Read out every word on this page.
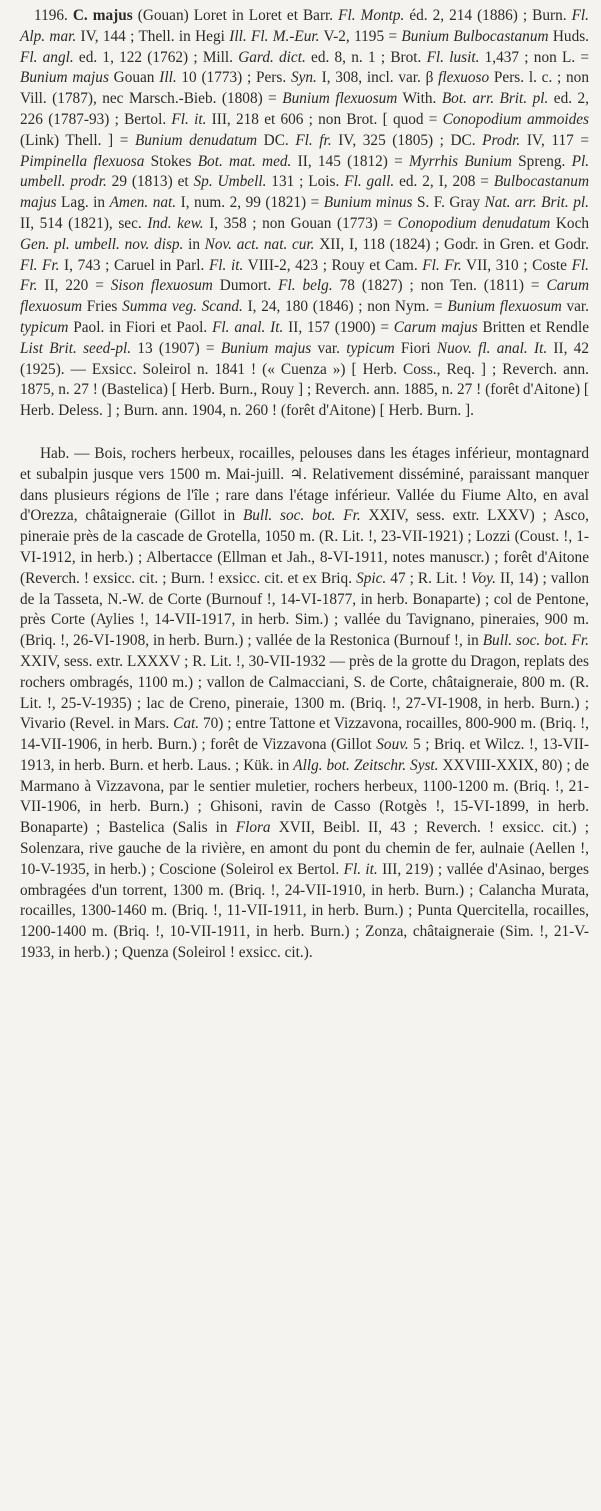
1196. C. majus (Gouan) Loret in Loret et Barr. Fl. Montp. éd. 2, 214 (1886) ; Burn. Fl. Alp. mar. IV, 144 ; Thell. in Hegi Ill. Fl. M.-Eur. V-2, 1195 = Bunium Bulbocastanum Huds. Fl. angl. ed. 1, 122 (1762) ; Mill. Gard. dict. ed. 8, n. 1 ; Brot. Fl. lusit. 1,437 ; non L. = Bunium majus Gouan Ill. 10 (1773) ; Pers. Syn. I, 308, incl. var. β flexuoso Pers. l. c. ; non Vill. (1787), nec Marsch.-Bieb. (1808) = Bunium flexuosum With. Bot. arr. Brit. pl. ed. 2, 226 (1787-93) ; Bertol. Fl. it. III, 218 et 606 ; non Brot. [ quod = Conopodium ammoides (Link) Thell. ] = Bunium denudatum DC. Fl. fr. IV, 325 (1805) ; DC. Prodr. IV, 117 = Pimpinella flexuosa Stokes Bot. mat. med. II, 145 (1812) = Myrrhis Bunium Spreng. Pl. umbell. prodr. 29 (1813) et Sp. Umbell. 131 ; Lois. Fl. gall. ed. 2, I, 208 = Bulbocastanum majus Lag. in Amen. nat. I, num. 2, 99 (1821) = Bunium minus S. F. Gray Nat. arr. Brit. pl. II, 514 (1821), sec. Ind. kew. I, 358 ; non Gouan (1773) = Conopodium denudatum Koch Gen. pl. umbell. nov. disp. in Nov. act. nat. cur. XII, I, 118 (1824) ; Godr. in Gren. et Godr. Fl. Fr. I, 743 ; Caruel in Parl. Fl. it. VIII-2, 423 ; Rouy et Cam. Fl. Fr. VII, 310 ; Coste Fl. Fr. II, 220 = Sison flexuosum Dumort. Fl. belg. 78 (1827) ; non Ten. (1811) = Carum flexuosum Fries Summa veg. Scand. I, 24, 180 (1846) ; non Nym. = Bunium flexuosum var. typicum Paol. in Fiori et Paol. Fl. anal. It. II, 157 (1900) = Carum majus Britten et Rendle List Brit. seed-pl. 13 (1907) = Bunium majus var. typicum Fiori Nuov. fl. anal. It. II, 42 (1925). — Exsicc. Soleirol n. 1841 ! (« Cuenza ») [ Herb. Coss., Req. ] ; Reverch. ann. 1875, n. 27 ! (Bastelica) [ Herb. Burn., Rouy ] ; Reverch. ann. 1885, n. 27 ! (forêt d'Aitone) [ Herb. Deless. ] ; Burn. ann. 1904, n. 260 ! (forêt d'Aitone) [ Herb. Burn. ].

Hab. — Bois, rochers herbeux, rocailles, pelouses dans les étages inférieur, montagnard et subalpin jusque vers 1500 m. Mai-juill. ♃. Relativement disséminé, paraissant manquer dans plusieurs régions de l'île ; rare dans l'étage inférieur. Vallée du Fiume Alto, en aval d'Orezza, châtaigneraie (Gillot in Bull. soc. bot. Fr. XXIV, sess. extr. LXXV) ; Asco, pineraie près de la cascade de Grotella, 1050 m. (R. Lit. !, 23-VII-1921) ; Lozzi (Coust. !, 1-VI-1912, in herb.) ; Albertacce (Ellman et Jah., 8-VI-1911, notes manuscr.) ; forêt d'Aitone (Reverch. ! exsicc. cit. ; Burn. ! exsicc. cit. et ex Briq. Spic. 47 ; R. Lit. ! Voy. II, 14) ; vallon de la Tasseta, N.-W. de Corte (Burnouf !, 14-VI-1877, in herb. Bonaparte) ; col de Pentone, près Corte (Aylies !, 14-VII-1917, in herb. Sim.) ; vallée du Tavignano, pineraies, 900 m. (Briq. !, 26-VI-1908, in herb. Burn.) ; vallée de la Restonica (Burnouf !, in Bull. soc. bot. Fr. XXIV, sess. extr. LXXXV ; R. Lit. !, 30-VII-1932 — près de la grotte du Dragon, replats des rochers ombragés, 1100 m.) ; vallon de Calmacciani, S. de Corte, châtaigneraie, 800 m. (R. Lit. !, 25-V-1935) ; lac de Creno, pineraie, 1300 m. (Briq. !, 27-VI-1908, in herb. Burn.) ; Vivario (Revel. in Mars. Cat. 70) ; entre Tattone et Vizzavona, rocailles, 800-900 m. (Briq. !, 14-VII-1906, in herb. Burn.) ; forêt de Vizzavona (Gillot Souv. 5 ; Briq. et Wilcz. !, 13-VII-1913, in herb. Burn. et herb. Laus. ; Kük. in Allg. bot. Zeitschr. Syst. XXVIII-XXIX, 80) ; de Marmano à Vizzavona, par le sentier muletier, rochers herbeux, 1100-1200 m. (Briq. !, 21-VII-1906, in herb. Burn.) ; Ghisoni, ravin de Casso (Rotgès !, 15-VI-1899, in herb. Bonaparte) ; Bastelica (Salis in Flora XVII, Beibl. II, 43 ; Reverch. ! exsicc. cit.) ; Solenzara, rive gauche de la rivière, en amont du pont du chemin de fer, aulnaie (Aellen !, 10-V-1935, in herb.) ; Coscione (Soleirol ex Bertol. Fl. it. III, 219) ; vallée d'Asinao, berges ombragées d'un torrent, 1300 m. (Briq. !, 24-VII-1910, in herb. Burn.) ; Calancha Murata, rocailles, 1300-1460 m. (Briq. !, 11-VII-1911, in herb. Burn.) ; Punta Quercitella, rocailles, 1200-1400 m. (Briq. !, 10-VII-1911, in herb. Burn.) ; Zonza, châtaigneraie (Sim. !, 21-V-1933, in herb.) ; Quenza (Soleirol ! exsicc. cit.).
